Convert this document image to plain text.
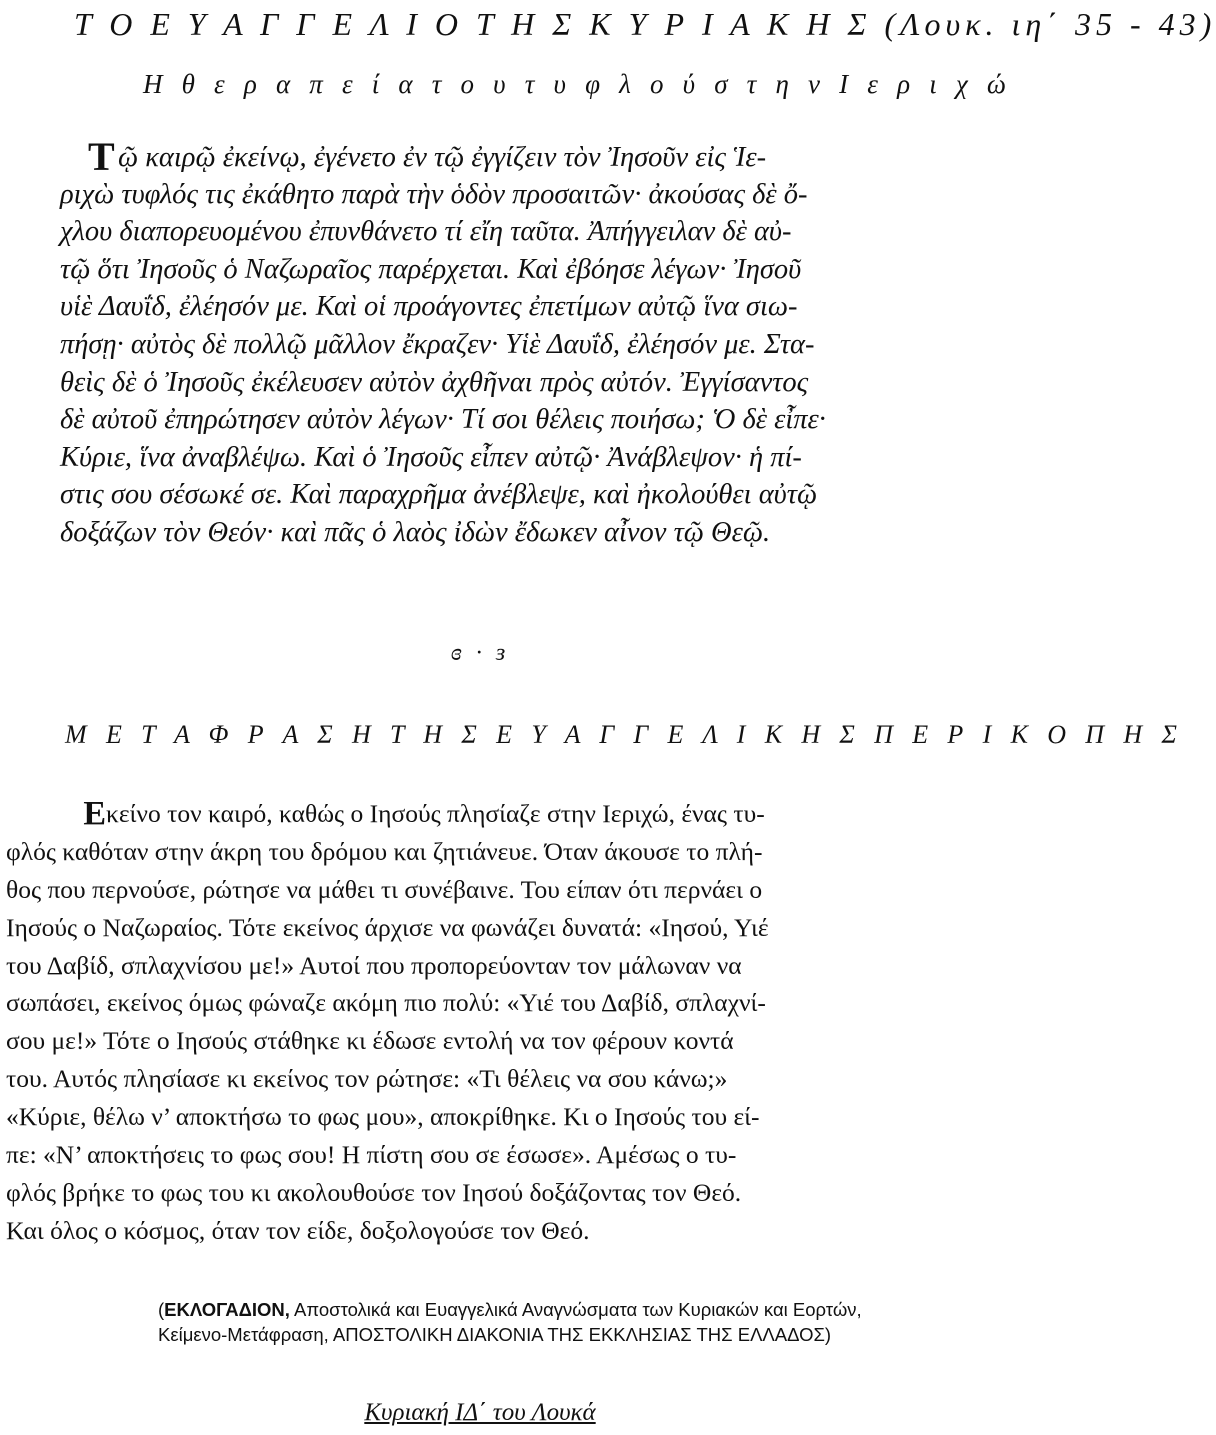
Τ Ο Ε Υ Α Γ Γ Ε Λ Ι Ο Τ Η Σ Κ Υ Ρ Ι Α Κ Η Σ (Λουκ. ιη΄ 35 - 43)
Η θ ε ρ α π ε ί α τ ο υ τ υ φ λ ο ύ σ τ η ν Ι ε ρ ι χ ώ
Τ ῷ καιρῷ ἐκείνῳ, ἐγένετο ἐν τῷ ἐγγίζειν τὸν Ἰησοῦν εἰς Ἱε-
ριχὼ τυφλός τις ἐκάθητο παρὰ τὴν ὁδὸν προσαιτῶν· ἀκούσας δὲ ὄ-
χλου διαπορευομένου ἐπυνθάνετο τί εἴη ταῦτα. Ἀπήγγειλαν δὲ αὐ-
τῷ ὅτι Ἰησοῦς ὁ Ναζωραῖος παρέρχεται. Καὶ ἐβόησε λέγων· Ἰησοῦ
υἱὲ Δαυΐδ, ἐλέησόν με. Καὶ οἱ προάγοντες ἐπετίμων αὐτῷ ἵνα σιω-
πήσῃ· αὐτὸς δὲ πολλῷ μᾶλλον ἔκραζεν· Υἱὲ Δαυΐδ, ἐλέησόν με. Στα-
θεὶς δὲ ὁ Ἰησοῦς ἐκέλευσεν αὐτὸν ἀχθῆναι πρὸς αὐτόν. Ἐγγίσαντος
δὲ αὐτοῦ ἐπηρώτησεν αὐτὸν λέγων· Τί σοι θέλεις ποιήσω; Ὁ δὲ εἶπε·
Κύριε, ἵνα ἀναβλέψω. Καὶ ὁ Ἰησοῦς εἶπεν αὐτῷ· Ἀνάβλεψον· ἡ πί-
στις σου σέσωκέ σε. Καὶ παραχρῆμα ἀνέβλεψε, καὶ ἠκολούθει αὐτῷ
δοξάζων τὸν Θεόν· καὶ πᾶς ὁ λαὸς ἰδὼν ἔδωκεν αἶνον τῷ Θεῷ.
ɞ · ɜ
Μ Ε Τ Α Φ Ρ Α Σ Η Τ Η Σ Ε Υ Α Γ Γ Ε Λ Ι Κ Η Σ Π Ε Ρ Ι Κ Ο Π Η Σ
Εκείνο τον καιρό, καθώς ο Ιησούς πλησίαζε στην Ιεριχώ, ένας τυ-
φλός καθόταν στην άκρη του δρόμου και ζητιάνευε. Όταν άκουσε το πλή-
θος που περνούσε, ρώτησε να μάθει τι συνέβαινε. Του είπαν ότι περνάει ο
Ιησούς ο Ναζωραίος. Τότε εκείνος άρχισε να φωνάζει δυνατά: «Ιησού, Υιέ
του Δαβίδ, σπλαχνίσου με!» Αυτοί που προπορεύονταν τον μάλωναν να
σωπάσει, εκείνος όμως φώναζε ακόμη πιο πολύ: «Υιέ του Δαβίδ, σπλαχνί-
σου με!» Τότε ο Ιησούς στάθηκε κι έδωσε εντολή να τον φέρουν κοντά
του. Αυτός πλησίασε κι εκείνος τον ρώτησε: «Τι θέλεις να σου κάνω;»
«Κύριε, θέλω ν’ αποκτήσω το φως μου», αποκρίθηκε. Κι ο Ιησούς του εί-
πε: «Ν’ αποκτήσεις το φως σου! Η πίστη σου σε έσωσε». Αμέσως ο τυ-
φλός βρήκε το φως του κι ακολουθούσε τον Ιησού δοξάζοντας τον Θεό.
Και όλος ο κόσμος, όταν τον είδε, δοξολογούσε τον Θεό.
(ΕΚΛΟΓΑΔΙΟΝ, Αποστολικά και Ευαγγελικά Αναγνώσματα των Κυριακών και Εορτών,
Κείμενο-Μετάφραση, ΑΠΟΣΤΟΛΙΚΗ ΔΙΑΚΟΝΙΑ ΤΗΣ ΕΚΚΛΗΣΙΑΣ ΤΗΣ ΕΛΛΑΔΟΣ)
Κυριακή ΙΔ΄ του Λουκά
